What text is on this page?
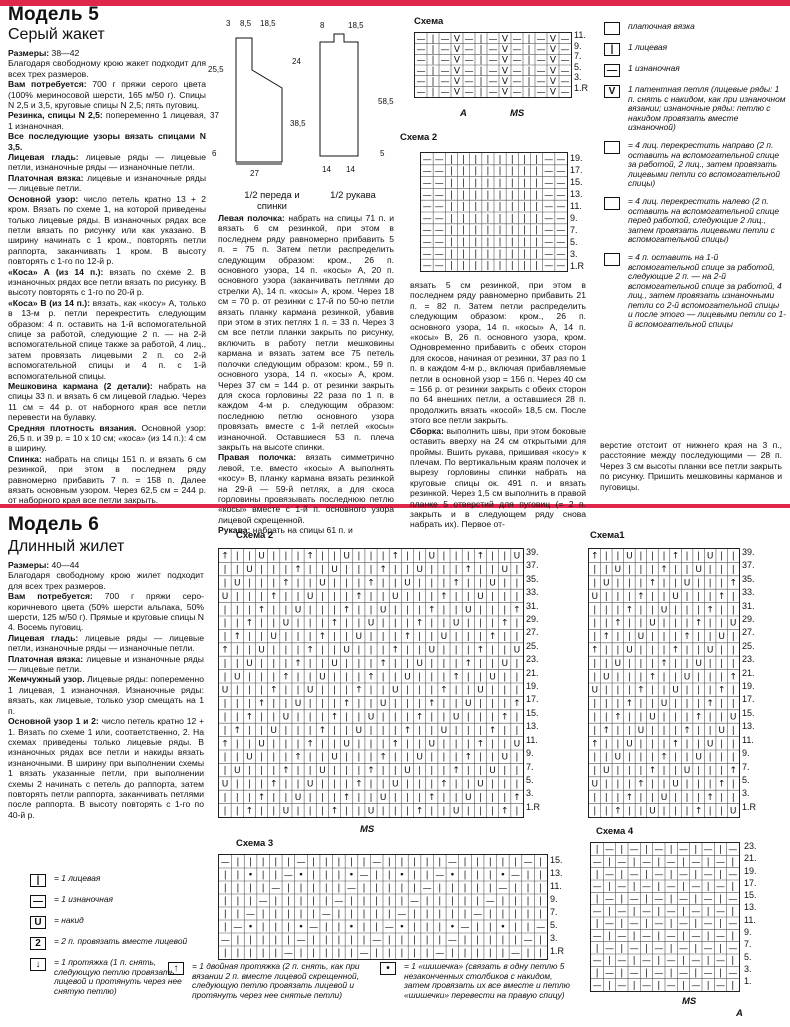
Модель 5
Серый жакет

Размеры: 38—42

Благодаря свободному крою жакет подходит для всех трех размеров.

Вам потребуется: 700 г пряжи серого цвета (100% мериносовой шерсти, 165 м/50 г). Спицы N 2,5 и 3,5, круговые спицы N 2,5; пять пуговиц.

Резинка, спицы N 2,5: попеременно 1 лицевая, 1 изнаночная.

Все последующие узоры вязать спицами N 3,5.

Лицевая гладь: лицевые ряды — лицевые петли, изнаночные ряды — изнаночные петли.

Платочная вязка: лицевые и изнаночные ряды — лицевые петли.

Основной узор: число петель кратно 13 + 2 кром. Вязать по схеме 1, на которой приведены только лицевые ряды. В изнаночных рядах все петли вязать по рисунку или как указано. В ширину начинать с 1 кром., повторять петли раппорта, заканчивать 1 кром. В высоту повторять с 1-го по 12-й р.

«Коса» А (из 14 п.): вязать по схеме 2. В изнаночных рядах все петли вязать по рисунку. В высоту повторять с 1-го по 20-й р.

«Коса» В (из 14 п.): вязать, как «косу» А, только в 13-м р. петли перекрестить следующим образом: 4 п. оставить на 1-й вспомогательной спице за работой, следующие 2 п. — на 2-й вспомогательной спице также за работой, 4 лиц., затем провязать лицевыми 2 п. со 2-й вспомогательной спицы и 4 п. с 1-й вспомогательной спицы.

Мешковина кармана (2 детали): набрать на спицы 33 п. и вязать 6 см лицевой гладью. Через 11 см = 44 р. от наборного края все петли перевести на булавку.

Средняя плотность вязания. Основной узор: 26,5 п. и 39 р. = 10 х 10 см; «коса» (из 14 п.): 4 см в ширину.

Спинка: набрать на спицы 151 п. и вязать 6 см резинкой, при этом в последнем ряду равномерно прибавить 7 п. = 158 п. Далее вязать основным узором. Через 62,5 см = 244 р. от наборного края все петли закрыть.

Левая полочка: набрать на спицы 71 п. и вязать 6 см резинкой, при этом в последнем ряду равномерно прибавить 5 п. = 75 п. Затем петли распределить следующим образом: кром., 26 п. основного узора, 14 п. «косы» А, 20 п. основного узора (заканчивать петлями до стрелки А), 14 п. «косы» А, кром. Через 18 см = 70 р. от резинки с 17-й по 50-ю петли вязать планку кармана резинкой, убавив при этом в этих петлях 1 п. = 33 п. Через 3 см все петли планки закрыть по рисунку, включить в работу петли мешковины кармана и вязать затем все 75 петель полочки следующим образом: кром., 59 п. основного узора, 14 п. «косы» А, кром. Через 37 см = 144 р. от резинки закрыть для скоса горловины 22 раза по 1 п. в каждом 4-м р. следующим образом: последнюю петлю основного узора провязать вместе с 1-й петлей «косы» изнаночной. Оставшиеся 53 п. плеча закрыть на высоте спинки.

Правая полочка: вязать симметрично левой, т.е. вместо «косы» А выполнять «косу» В, планку кармана вязать резинкой на 29-й — 59-й петлях, а для скоса горловины провязывать последнюю петлю «косы» вместе с 1-й п. основного узора лицевой скрещенной.

Рукава: набрать на спицы 61 п. и

вязать 5 см резинкой, при этом в последнем ряду равномерно прибавить 21 п. = 82 п. Затем петли распределить следующим образом: кром., 26 п. основного узора, 14 п. «косы» А, 14 п. «косы» В, 26 п. основного узора, кром. Одновременно прибавить с обеих сторон для скосов, начиная от резинки, 37 раз по 1 п. в каждом 4-м р., включая прибавляемые петли в основной узор = 156 п. Через 40 см = 156 р. от резинки закрыть с обеих сторон по 64 внешних петли, а оставшиеся 28 п. продолжить вязать «косой» 18,5 см. После этого все петли закрыть.

Сборка: выполнить швы, при этом боковые оставить вверху на 24 см открытыми для проймы. Вшить рукава, пришивая «косу» к плечам. По вертикальным краям полочек и вырезу горловины спинки набрать на круговые спицы ок. 491 п. и вязать резинкой. Через 1,5 см выполнить в правой планке 5 отверстий для пуговиц (= 2 п. закрыть и в следующем ряду снова набрать их). Первое от-

верстие отстоит от нижнего края на 3 п., расстояние между последующими — 28 п. Через 3 см высоты планки все петли закрыть по рисунку. Пришить мешковины карманов и пуговицы.
3 8,5 18,5
25,5
37
6
24
38,5
27
8	18,5
58,5
5
14 14
1/2 переда и спинки
1/2 рукава
Схема
— | — V — | — V — | — V —
— | — V — | — V — | — V —
— | — V — | — V — | — V —
— | — V — | — V — | — V —
— | — V — | — V — | — V —
— | — V — | — V — | — V —
11.
9.
7.
5.
3.
1.R
A	MS
Схема 2
— — | | | | | | | | — —
— — | | | | | | | | — —
— — | | | | | | | | — —
— — | | | | | | | | — —
— — | | | | | | | | — —
— — | | | | | | | | — —
— — | | | | | | | | — —
— — | | | | | | | | — —
— — | | | | | | | | — —
— — | | | | | | | | — —
19.
17.
15.
13.
11.
9.
7.
5.
3.
1.R
платочная вязка
|	1 лицевая
—	1 изнаночная
V	1 патентная петля (лицевые ряды: 1 п. снять с накидом, как при изнаночном вязании; изнаночные ряды: петлю с накидом провязать вместе изнаночной)
= 4 лиц. перекрестить направо (2 п. оставить на вспомогательной спице за работой, 2 лиц., затем провязать лицевыми петли со вспомогательной спицы)
= 4 лиц. перекрестить налево (2 п. оставить на вспомогательной спице перед работой, следующие 2 лиц., затем провязать лицевыми петли с вспомогательной спицы)
= 4 п. оставить на 1-й вспомогательной спице за работой, следующие 2 п. — на 2-й вспомогательной спице за работой, 4 лиц., затем провязать изнаночными петли со 2-й вспомогательной спицы и после этого — лицевыми петли со 1-й вспомогательной спицы
Модель 6
Длинный жилет

Размеры: 40—44

Благодаря свободному крою жилет подходит для всех трех размеров.

Вам потребуется: 700 г пряжи серо-коричневого цвета (50% шерсти альпака, 50% шерсти, 125 м/50 г). Прямые и круговые спицы N 4. Восемь пуговиц.

Лицевая гладь: лицевые ряды — лицевые петли, изнаночные ряды — изнаночные петли.

Платочная вязка: лицевые и изнаночные ряды — лицевые петли.

Жемчужный узор. Лицевые ряды: попеременно 1 лицевая, 1 изнаночная. Изнаночные ряды: вязать, как лицевые, только узор смещать на 1 п.

Основной узор 1 и 2: число петель кратно 12 + 1. Вязать по схеме 1 или, соответственно, 2. На схемах приведены только лицевые ряды. В изнаночных рядах все петли и накиды вязать изнаночными. В ширину при выполнении схемы 1 вязать указанные петли, при выполнении схемы 2 начинать с петель до раппорта, затем повторять петли раппорта, заканчивать петлями после раппорта. В высоту повторять с 1-го по 40-й р.

Схема 2
↑ | | U | | | ↑ | | U | | | ↑ | | U | | | ↑ | | U
| | U | | | ↑ | | U | | | ↑ | | U | | | ↑ | | U |
| U | | | ↑ | | U | | | ↑ | | U | | | ↑ | | U | |
U | | | ↑ | | U | | | ↑ | | U | | | ↑ | | U | | |
| | | ↑ | | U | | | ↑ | | U | | | ↑ | | U | | | ↑
| | ↑ | | U | | | ↑ | | U | | | ↑ | | U | | | ↑ |
| ↑ | | U | | | ↑ | | U | | | ↑ | | U | | | ↑ | |
↑ | | U | | | ↑ | | U | | | ↑ | | U | | | ↑ | | U
| | U | | | ↑ | | U | | | ↑ | | U | | | ↑ | | U |
| U | | | ↑ | | U | | | ↑ | | U | | | ↑ | | U | |
U | | | ↑ | | U | | | ↑ | | U | | | ↑ | | U | | |
| | | ↑ | | U | | | ↑ | | U | | | ↑ | | U | | | ↑
| | ↑ | | U | | | ↑ | | U | | | ↑ | | U | | | ↑ |
| ↑ | | U | | | ↑ | | U | | | ↑ | | U | | | ↑ | |
↑ | | U | | | ↑ | | U | | | ↑ | | U | | | ↑ | | U
| | U | | | ↑ | | U | | | ↑ | | U | | | ↑ | | U |
| U | | | ↑ | | U | | | ↑ | | U | | | ↑ | | U | |
U | | | ↑ | | U | | | ↑ | | U | | | ↑ | | U | | |
| | | ↑ | | U | | | ↑ | | U | | | ↑ | | U | | | ↑
| | ↑ | | U | | | ↑ | | U | | | ↑ | | U | | | ↑ |
39.
37.
35.
33.
31.
29.
27.
25.
23.
21.
19.
17.
15.
13.
11.
9.
7.
5.
3.
1.R
MS
Схема1
↑ | | U | | | ↑ | | U | |
| | U | | | ↑ | | U | | |
| U | | | ↑ | | U | | | ↑
U | | | ↑ | | U | | | ↑ |
| | | ↑ | | U | | | ↑ | |
| | ↑ | | U | | | ↑ | | U
| ↑ | | U | | | ↑ | | U |
↑ | | U | | | ↑ | | U | |
| | U | | | ↑ | | U | | |
| U | | | ↑ | | U | | | ↑
U | | | ↑ | | U | | | ↑ |
| | | ↑ | | U | | | ↑ | |
| | ↑ | | U | | | ↑ | | U
| ↑ | | U | | | ↑ | | U |
↑ | | U | | | ↑ | | U | |
| | U | | | ↑ | | U | | |
| U | | | ↑ | | U | | | ↑
U | | | ↑ | | U | | | ↑ |
| | | ↑ | | U | | | ↑ | |
| | ↑ | | U | | | ↑ | | U
39.
37.
35.
33.
31.
29.
27.
25.
23.
21.
19.
17.
15.
13.
11.
9.
7.
5.
3.
1.R
Схема 3
— | | | | | — | | | | | — | | | | | — | | | | | — |
| | • | | — • | | | • — | | • | | — • | | | • — | |
| | | | — | | | | | — | | | | | — | | | | | — | | |
| | | — | | | | | — | | | | | — | | | | | — | | | |
| | — | | | | | — | | | | | — | | | | | — | | | | |
| — • | | | • — | | • | | — • | | | • — | | • | | —
— | | | | | — | | | | | — | | | | | — | | | | | — |
| | | | | — | | | | | — | | | | | — | | | | | — | |
15.
13.
11.
9.
7.
5.
3.
1.R
Схема 4
| — | — | — | — | — | —
— | — | — | — | — | — |
| — | — | — | — | — | —
— | — | — | — | — | — |
| — | — | — | — | — | —
— | — | — | — | — | — |
| — | — | — | — | — | —
— | — | — | — | — | — |
| — | — | — | — | — | —
— | — | — | — | — | — |
| — | — | — | — | — | —
— | — | — | — | — | — |
23.
21.
19.
17.
15.
13.
11.
9.
7.
5.
3.
1.
MS
A
|	= 1 лицевая
—	= 1 изнаночная
U	= накид
2	= 2 п. провязать вместе лицевой
↓	= 1 протяжка (1 п. снять, следующую петлю провязать лицевой и протянуть через нее снятую петлю)
↑	= 1 двойная протяжка (2 п. снять, как при вязании 2 п. вместе лицевой скрещенной, следующую петлю провязать лицевой и протянуть через нее снятые петли)
•	= 1 «шишечка» (связать в одну петлю 5 незаконченных столбиков с накидом, затем провязать их все вместе и петлю «шишечки» перевести на правую спицу)
